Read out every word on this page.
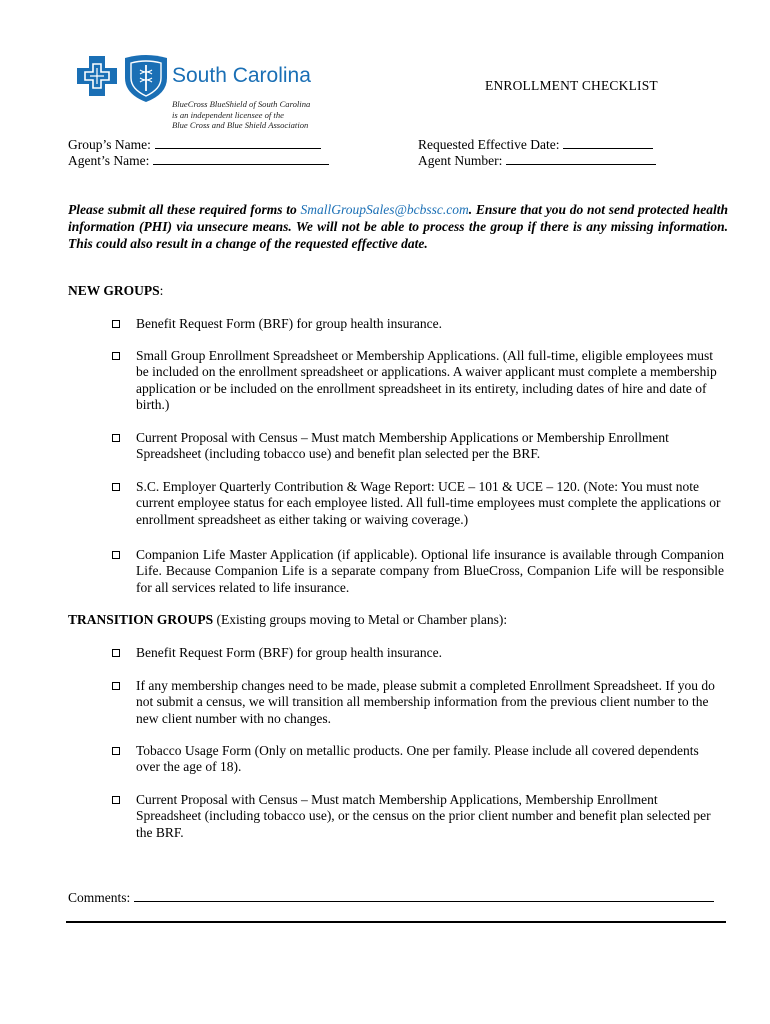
South Carolina
BlueCross BlueShield of South Carolina
is an independent licensee of the
Blue Cross and Blue Shield Association
ENROLLMENT CHECKLIST
Group’s Name:
Agent’s Name:
Requested Effective Date:
Agent Number:
Please submit all these required forms to SmallGroupSales@bcbssc.com. Ensure that you do not send protected health information (PHI) via unsecure means. We will not be able to process the group if there is any missing information. This could also result in a change of the requested effective date.
NEW GROUPS:
Benefit Request Form (BRF) for group health insurance.
Small Group Enrollment Spreadsheet or Membership Applications. (All full-time, eligible employees must be included on the enrollment spreadsheet or applications. A waiver applicant must complete a membership application or be included on the enrollment spreadsheet in its entirety, including dates of hire and date of birth.)
Current Proposal with Census – Must match Membership Applications or Membership Enrollment Spreadsheet (including tobacco use) and benefit plan selected per the BRF.
S.C. Employer Quarterly Contribution & Wage Report: UCE – 101 & UCE – 120. (Note: You must note current employee status for each employee listed. All full-time employees must complete the applications or enrollment spreadsheet as either taking or waiving coverage.)
Companion Life Master Application (if applicable). Optional life insurance is available through Companion Life. Because Companion Life is a separate company from BlueCross, Companion Life will be responsible for all services related to life insurance.
TRANSITION GROUPS (Existing groups moving to Metal or Chamber plans):
Benefit Request Form (BRF) for group health insurance.
If any membership changes need to be made, please submit a completed Enrollment Spreadsheet. If you do not submit a census, we will transition all membership information from the previous client number to the new client number with no changes.
Tobacco Usage Form (Only on metallic products. One per family. Please include all covered dependents over the age of 18).
Current Proposal with Census – Must match Membership Applications, Membership Enrollment Spreadsheet (including tobacco use), or the census on the prior client number and benefit plan selected per the BRF.
Comments:
